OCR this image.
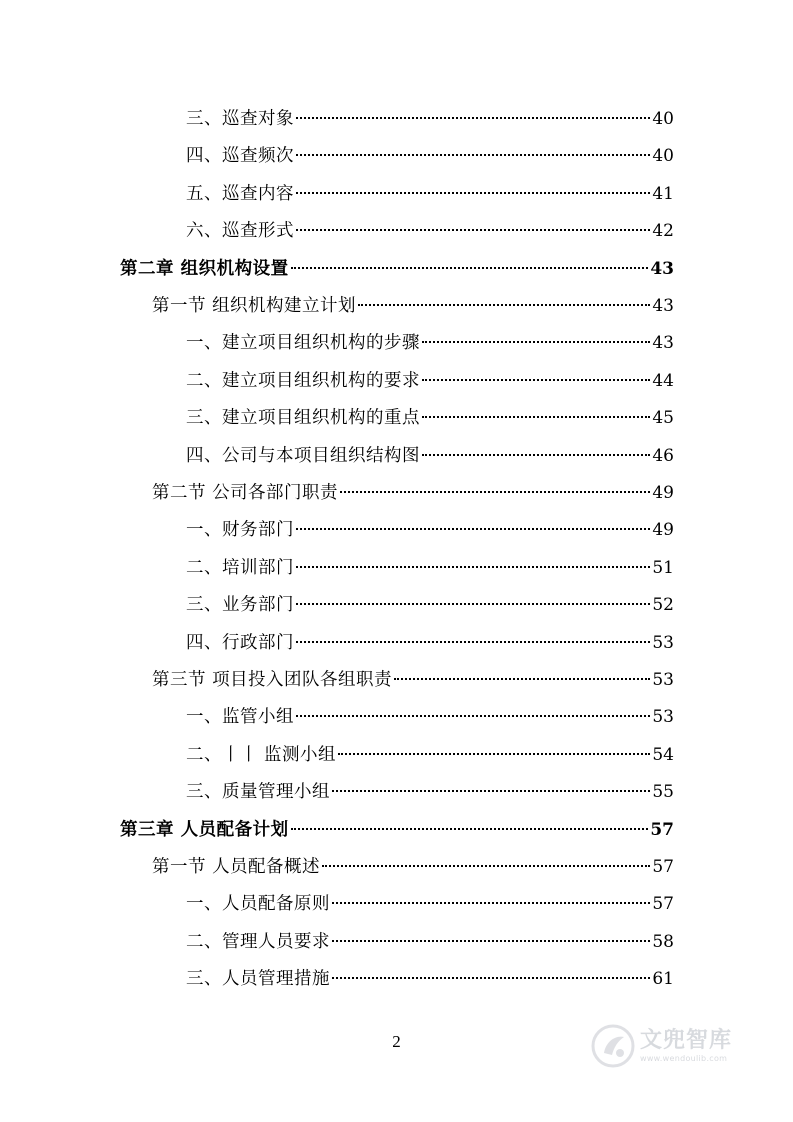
三、巡查对象	40
四、巡查频次	40
五、巡查内容	41
六、巡查形式	42
第二章 组织机构设置	43
第一节 组织机构建立计划	43
一、建立项目组织机构的步骤	43
二、建立项目组织机构的要求	44
三、建立项目组织机构的重点	45
四、公司与本项目组织结构图	46
第二节 公司各部门职责	49
一、财务部门	49
二、培训部门	51
三、业务部门	52
四、行政部门	53
第三节 项目投入团队各组职责	53
一、监管小组	53
二、丨丨 监测小组	54
三、质量管理小组	55
第三章 人员配备计划	57
第一节 人员配备概述	57
一、人员配备原则	57
二、管理人员要求	58
三、人员管理措施	61
2	文兜智库
www.wendoulib.com
